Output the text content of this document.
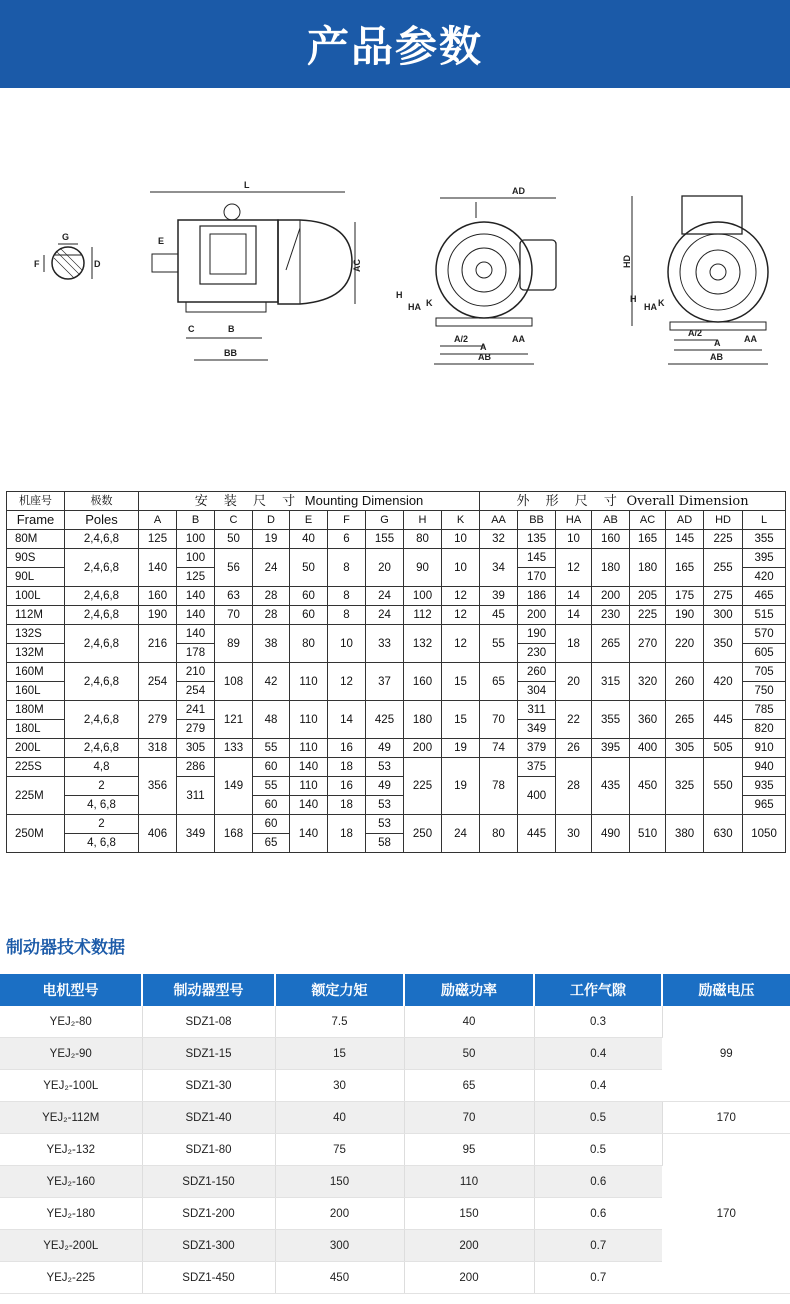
产品参数
G
F	D
L
AC
E
C	B
BB
AD
H
HA K
A/2
A
AB
AA
HD
H
HA K
A/2
A
AB
AA
机座号	极数	安 装 尺 寸 Mounting Dimension									外 形 尺 寸 Overall Dimension							
Frame	Poles	A	B	C	D	E	F	G	H	K	AA	BB	HA	AB	AC	AD	HD	L
80M	2,4,6,8	125	100	50	19	40	6	155	80	10	32	135	10	160	165	145	225	355
90S	2,4,6,8	140	100	56	24	50	8	20	90	10	34	145	12	180	180	165	255	395
90L			125									170						420
100L	2,4,6,8	160	140	63	28	60	8	24	100	12	39	186	14	200	205	175	275	465
112M	2,4,6,8	190	140	70	28	60	8	24	112	12	45	200	14	230	225	190	300	515
132S	2,4,6,8	216	140	89	38	80	10	33	132	12	55	190	18	265	270	220	350	570
132M			178									230						605
160M	2,4,6,8	254	210	108	42	110	12	37	160	15	65	260	20	315	320	260	420	705
160L			254									304						750
180M	2,4,6,8	279	241	121	48	110	14	425	180	15	70	311	22	355	360	265	445	785
180L			279									349						820
200L	2,4,6,8	318	305	133	55	110	16	49	200	19	74	379	26	395	400	305	505	910
225S	4,8	356	286	149	60	140	18	53	225	19	78	375	28	435	450	325	550	940
225M	2		311		55	110	16	49				400						935
	4, 6,8				60	140	18	53										965
250M	2	406	349	168	60	140	18	53	250	24	80	445	30	490	510	380	630	1050
	4, 6,8				65			58										
制动器技术数据
电机型号	制动器型号	额定力矩	励磁功率	工作气隙	励磁电压
YEJ₂-80	SDZ1-08	7.5	40	0.3	99
YEJ₂-90	SDZ1-15	15	50	0.4	
YEJ₂-100L	SDZ1-30	30	65	0.4	
YEJ₂-112M	SDZ1-40	40	70	0.5	170
YEJ₂-132	SDZ1-80	75	95	0.5	170
YEJ₂-160	SDZ1-150	150	110	0.6	
YEJ₂-180	SDZ1-200	200	150	0.6	
YEJ₂-200L	SDZ1-300	300	200	0.7	
YEJ₂-225	SDZ1-450	450	200	0.7	
